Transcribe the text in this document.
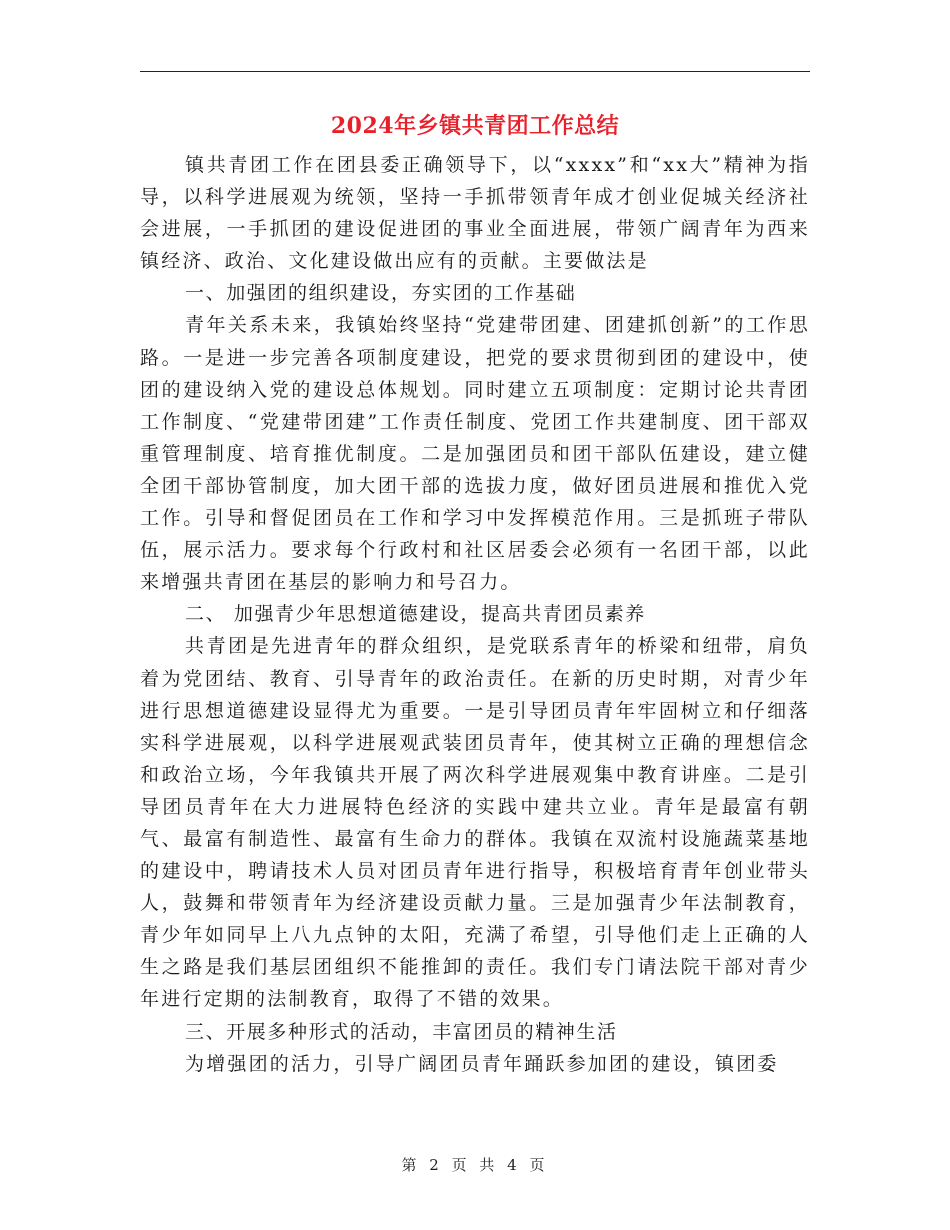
2024年乡镇共青团工作总结

镇共青团工作在团县委正确领导下，以“xxxx”和“xx大”精神为指导，以科学进展观为统领，坚持一手抓带领青年成才创业促城关经济社会进展，一手抓团的建设促进团的事业全面进展，带领广阔青年为西来镇经济、政治、文化建设做出应有的贡献。主要做法是

一、加强团的组织建设，夯实团的工作基础

青年关系未来，我镇始终坚持“党建带团建、团建抓创新”的工作思路。一是进一步完善各项制度建设，把党的要求贯彻到团的建设中，使团的建设纳入党的建设总体规划。同时建立五项制度：定期讨论共青团工作制度、“党建带团建”工作责任制度、党团工作共建制度、团干部双重管理制度、培育推优制度。二是加强团员和团干部队伍建设，建立健全团干部协管制度，加大团干部的选拔力度，做好团员进展和推优入党工作。引导和督促团员在工作和学习中发挥模范作用。三是抓班子带队伍，展示活力。要求每个行政村和社区居委会必须有一名团干部，以此来增强共青团在基层的影响力和号召力。

二、 加强青少年思想道德建设，提高共青团员素养

共青团是先进青年的群众组织，是党联系青年的桥梁和纽带，肩负着为党团结、教育、引导青年的政治责任。在新的历史时期，对青少年进行思想道德建设显得尤为重要。一是引导团员青年牢固树立和仔细落实科学进展观，以科学进展观武装团员青年，使其树立正确的理想信念和政治立场，今年我镇共开展了两次科学进展观集中教育讲座。二是引导团员青年在大力进展特色经济的实践中建共立业。青年是最富有朝气、最富有制造性、最富有生命力的群体。我镇在双流村设施蔬菜基地的建设中，聘请技术人员对团员青年进行指导，积极培育青年创业带头人，鼓舞和带领青年为经济建设贡献力量。三是加强青少年法制教育，青少年如同早上八九点钟的太阳，充满了希望，引导他们走上正确的人生之路是我们基层团组织不能推卸的责任。我们专门请法院干部对青少年进行定期的法制教育，取得了不错的效果。

三、开展多种形式的活动，丰富团员的精神生活

为增强团的活力，引导广阔团员青年踊跃参加团的建设，镇团委

第 2 页 共 4 页
